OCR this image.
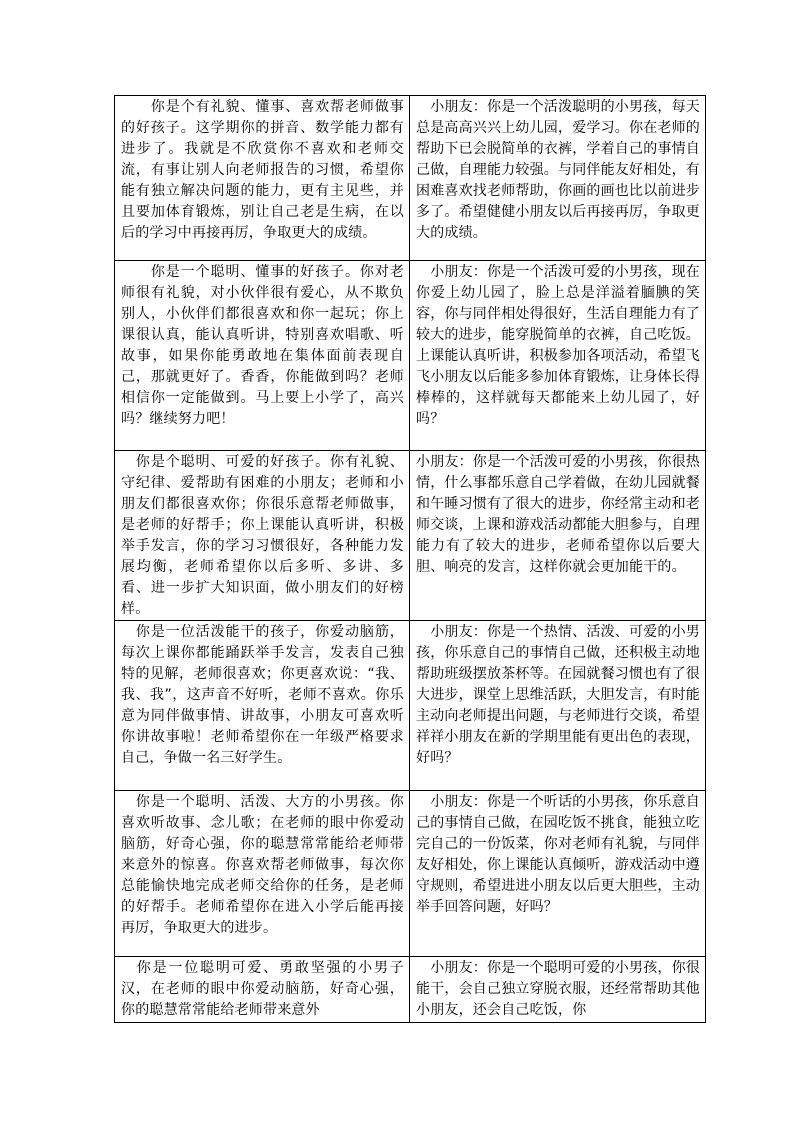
　　你是个有礼貌、懂事、喜欢帮老师做事的好孩子。这学期你的拼音、数学能力都有进步了。我就是不欣赏你不喜欢和老师交流，有事让别人向老师报告的习惯，希望你能有独立解决问题的能力，更有主见些，并且要加体育锻炼，别让自己老是生病，在以后的学习中再接再厉，争取更大的成绩。	　小朋友：你是一个活泼聪明的小男孩，每天总是高高兴兴上幼儿园，爱学习。你在老师的帮助下已会脱简单的衣裤，学着自己的事情自己做，自理能力较强。与同伴能友好相处，有困难喜欢找老师帮助，你画的画也比以前进步多了。希望健健小朋友以后再接再厉，争取更大的成绩。

　　你是一个聪明、懂事的好孩子。你对老师很有礼貌，对小伙伴很有爱心，从不欺负别人，小伙伴们都很喜欢和你一起玩；你上课很认真，能认真听讲，特别喜欢唱歌、听故事，如果你能勇敢地在集体面前表现自己，那就更好了。香香，你能做到吗？老师相信你一定能做到。马上要上小学了，高兴吗？继续努力吧！	　小朋友：你是一个活泼可爱的小男孩，现在你爱上幼儿园了，脸上总是洋溢着腼腆的笑容，你与同伴相处得很好，生活自理能力有了较大的进步，能穿脱简单的衣裤，自己吃饭。上课能认真听讲，积极参加各项活动，希望飞飞小朋友以后能多参加体育锻炼，让身体长得棒棒的，这样就每天都能来上幼儿园了，好吗？

　你是个聪明、可爱的好孩子。你有礼貌、守纪律、爱帮助有困难的小朋友；老师和小朋友们都很喜欢你；你很乐意帮老师做事，是老师的好帮手；你上课能认真听讲，积极举手发言，你的学习习惯很好，各种能力发展均衡，老师希望你以后多听、多讲、多看、进一步扩大知识面，做小朋友们的好榜样。	小朋友：你是一个活泼可爱的小男孩，你很热情，什么事都乐意自己学着做，在幼儿园就餐和午睡习惯有了很大的进步，你经常主动和老师交谈，上课和游戏活动都能大胆参与，自理能力有了较大的进步，老师希望你以后要大胆、响亮的发言，这样你就会更加能干的。

　你是一位活泼能干的孩子，你爱动脑筋，每次上课你都能踊跃举手发言，发表自己独特的见解，老师很喜欢；你更喜欢说：“我、我、我”，这声音不好听，老师不喜欢。你乐意为同伴做事情、讲故事，小朋友可喜欢听你讲故事啦！老师希望你在一年级严格要求自己，争做一名三好学生。	　小朋友：你是一个热情、活泼、可爱的小男孩，你乐意自己的事情自己做，还积极主动地帮助班级摆放茶杯等。在园就餐习惯也有了很大进步，课堂上思维活跃，大胆发言，有时能主动向老师提出问题，与老师进行交谈，希望祥祥小朋友在新的学期里能有更出色的表现，好吗？

　你是一个聪明、活泼、大方的小男孩。你喜欢听故事、念儿歌；在老师的眼中你爱动脑筋，好奇心强，你的聪慧常常能给老师带来意外的惊喜。你喜欢帮老师做事，每次你总能愉快地完成老师交给你的任务，是老师的好帮手。老师希望你在进入小学后能再接再厉，争取更大的进步。	　小朋友：你是一个听话的小男孩，你乐意自己的事情自己做，在园吃饭不挑食，能独立吃完自己的一份饭菜，你对老师有礼貌，与同伴友好相处，你上课能认真倾听，游戏活动中遵守规则，希望进进小朋友以后更大胆些，主动举手回答问题，好吗？

　你是一位聪明可爱、勇敢坚强的小男子汉，在老师的眼中你爱动脑筋，好奇心强，你的聪慧常常能给老师带来意外	　小朋友：你是一个聪明可爱的小男孩，你很能干，会自己独立穿脱衣服，还经常帮助其他小朋友，还会自己吃饭，你
